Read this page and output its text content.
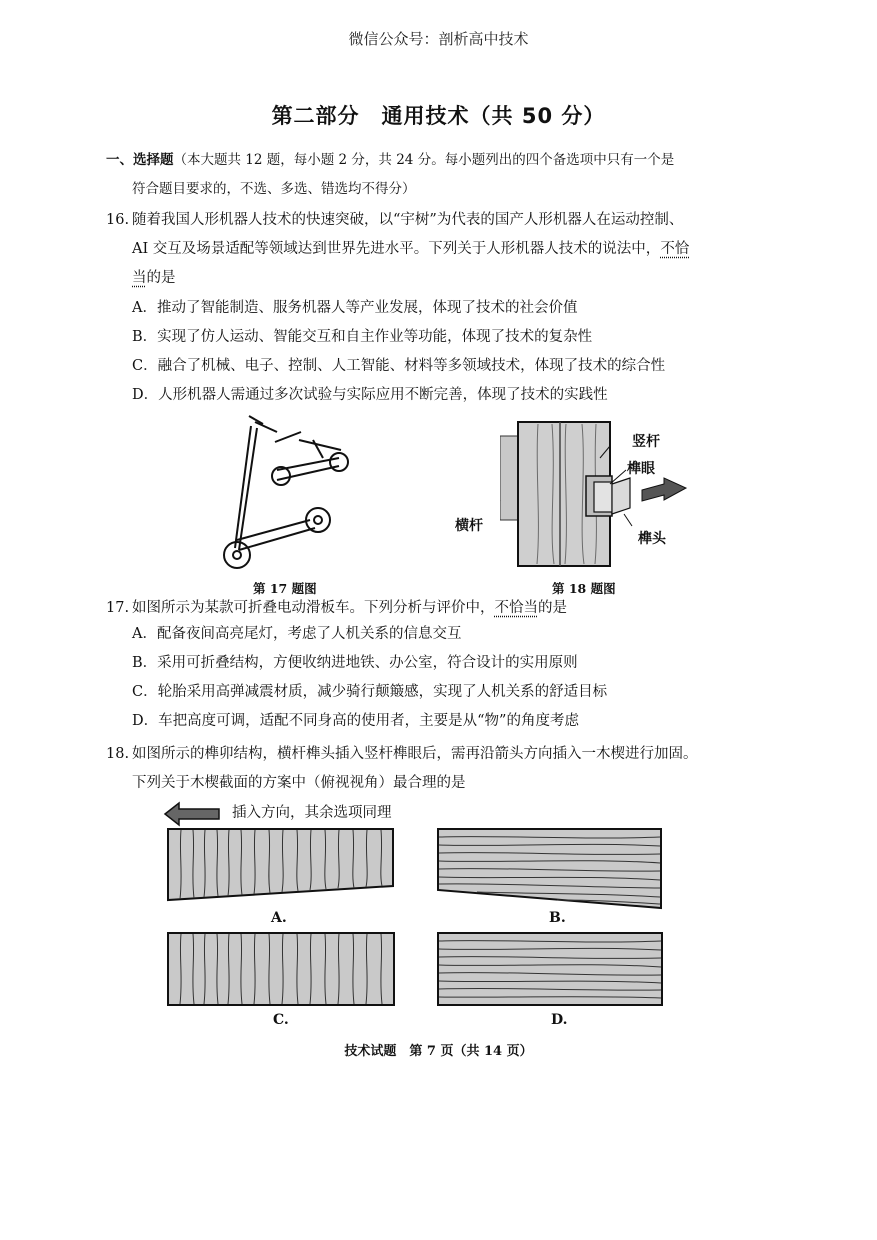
微信公众号：剖析高中技术
第二部分　通用技术（共 50 分）
一、选择题（本大题共 12 题，每小题 2 分，共 24 分。每小题列出的四个备选项中只有一个是
符合题目要求的，不选、多选、错选均不得分）
16. 随着我国人形机器人技术的快速突破，以“宇树”为代表的国产人形机器人在运动控制、
AI 交互及场景适配等领域达到世界先进水平。下列关于人形机器人技术的说法中，不恰
当的是
A．推动了智能制造、服务机器人等产业发展，体现了技术的社会价值
B．实现了仿人运动、智能交互和自主作业等功能，体现了技术的复杂性
C．融合了机械、电子、控制、人工智能、材料等多领域技术，体现了技术的综合性
D．人形机器人需通过多次试验与实际应用不断完善，体现了技术的实践性
第 17 题图
竖杆
榫眼
横杆
榫头
第 18 题图
17. 如图所示为某款可折叠电动滑板车。下列分析与评价中，不恰当的是
A．配备夜间高亮尾灯，考虑了人机关系的信息交互
B．采用可折叠结构，方便收纳进地铁、办公室，符合设计的实用原则
C．轮胎采用高弹减震材质，减少骑行颠簸感，实现了人机关系的舒适目标
D．车把高度可调，适配不同身高的使用者，主要是从“物”的角度考虑
18. 如图所示的榫卯结构，横杆榫头插入竖杆榫眼后，需再沿箭头方向插入一木楔进行加固。
下列关于木楔截面的方案中（俯视视角）最合理的是
插入方向，其余选项同理
A.	B.
C.	D.
技术试题　第 7 页（共 14 页）
